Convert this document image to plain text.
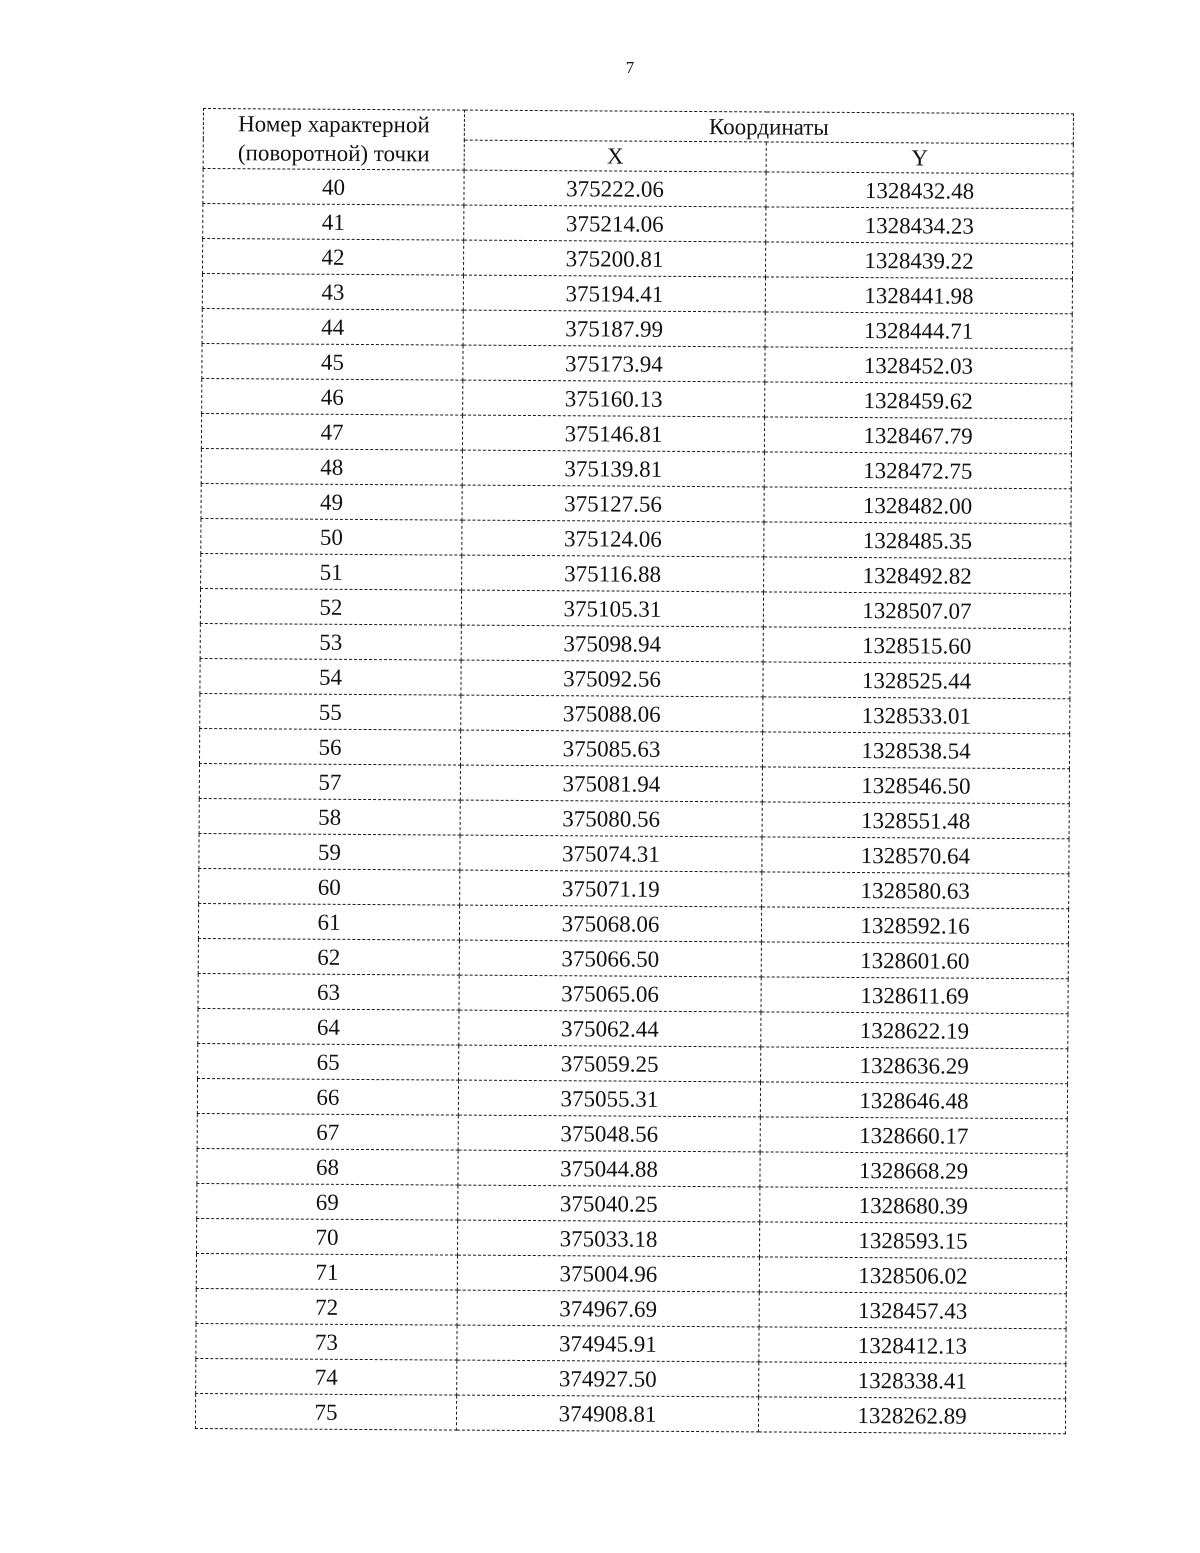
7
Номер характерной (поворотной) точки	Координаты	
	X	Y
40	375222.06	1328432.48
41	375214.06	1328434.23
42	375200.81	1328439.22
43	375194.41	1328441.98
44	375187.99	1328444.71
45	375173.94	1328452.03
46	375160.13	1328459.62
47	375146.81	1328467.79
48	375139.81	1328472.75
49	375127.56	1328482.00
50	375124.06	1328485.35
51	375116.88	1328492.82
52	375105.31	1328507.07
53	375098.94	1328515.60
54	375092.56	1328525.44
55	375088.06	1328533.01
56	375085.63	1328538.54
57	375081.94	1328546.50
58	375080.56	1328551.48
59	375074.31	1328570.64
60	375071.19	1328580.63
61	375068.06	1328592.16
62	375066.50	1328601.60
63	375065.06	1328611.69
64	375062.44	1328622.19
65	375059.25	1328636.29
66	375055.31	1328646.48
67	375048.56	1328660.17
68	375044.88	1328668.29
69	375040.25	1328680.39
70	375033.18	1328593.15
71	375004.96	1328506.02
72	374967.69	1328457.43
73	374945.91	1328412.13
74	374927.50	1328338.41
75	374908.81	1328262.89
